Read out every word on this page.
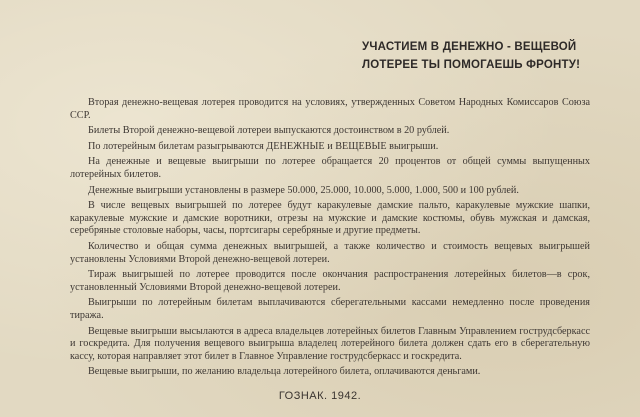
УЧАСТИЕМ В ДЕНЕЖНО - ВЕЩЕВОЙ
ЛОТЕРЕЕ ТЫ ПОМОГАЕШЬ ФРОНТУ!

Вторая денежно-вещевая лотерея проводится на условиях, утвержденных Советом Народных Комиссаров Союза ССР.

Билеты Второй денежно-вещевой лотереи выпускаются достоинством в 20 рублей.

По лотерейным билетам разыгрываются ДЕНЕЖНЫЕ и ВЕЩЕВЫЕ выигрыши.

На денежные и вещевые выигрыши по лотерее обращается 20 процентов от общей суммы выпущенных лотерейных билетов.

Денежные выигрыши установлены в размере 50.000, 25.000, 10.000, 5.000, 1.000, 500 и 100 рублей.

В числе вещевых выигрышей по лотерее будут каракулевые дамские пальто, каракулевые мужские шапки, каракулевые мужские и дамские воротники, отрезы на мужские и дамские костюмы, обувь мужская и дамская, серебряные столовые наборы, часы, портсигары серебряные и другие предметы.

Количество и общая сумма денежных выигрышей, а также количество и стоимость вещевых выигрышей установлены Условиями Второй денежно-вещевой лотереи.

Тираж выигрышей по лотерее проводится после окончания распространения лотерейных билетов—в срок, установленный Условиями Второй денежно-вещевой лотереи.

Выигрыши по лотерейным билетам выплачиваются сберегательными кассами немедленно после проведения тиража.

Вещевые выигрыши высылаются в адреса владельцев лотерейных билетов Главным Управлением гострудсберкасс и госкредита. Для получения вещевого выигрыша владелец лотерейного билета должен сдать его в сберегательную кассу, которая направляет этот билет в Главное Управление гострудсберкасс и госкредита.

Вещевые выигрыши, по желанию владельца лотерейного билета, оплачиваются деньгами.

ГОЗНАК. 1942.
